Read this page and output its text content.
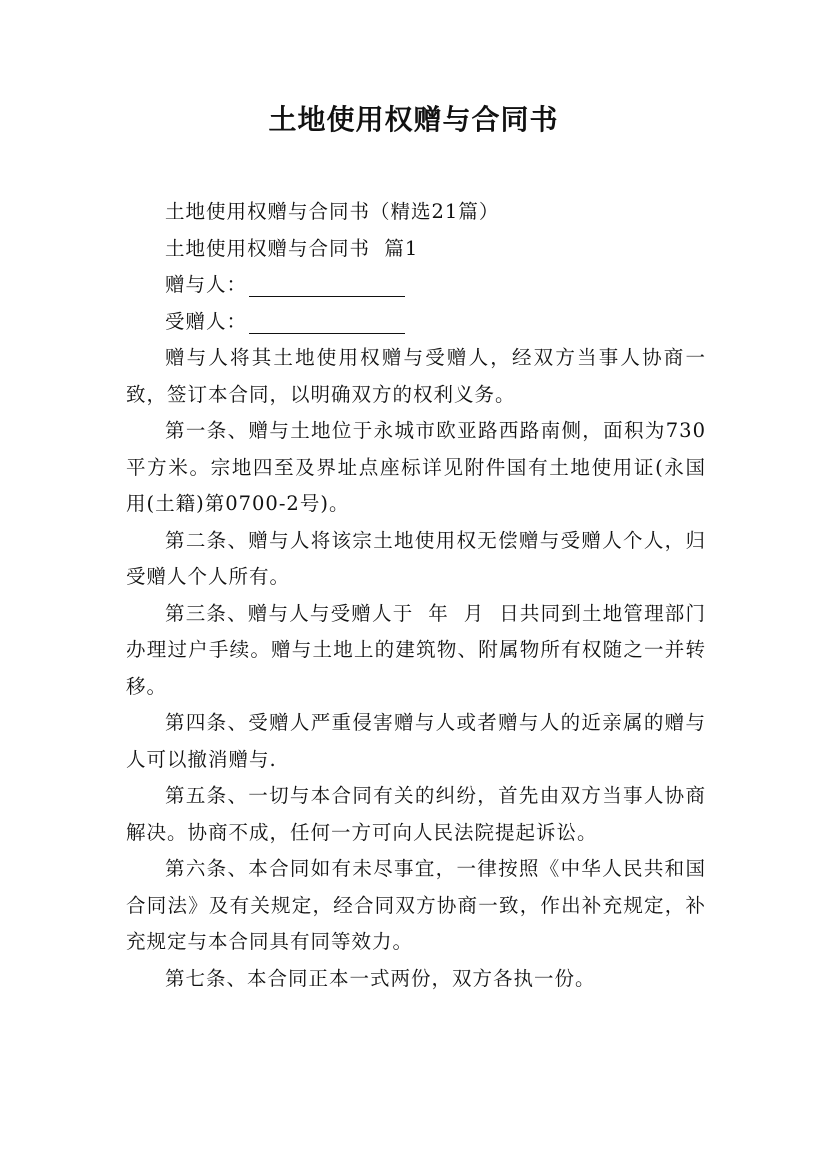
土地使用权赠与合同书

土地使用权赠与合同书（精选21篇）

土地使用权赠与合同书  篇1

赠与人：

受赠人：

赠与人将其土地使用权赠与受赠人，经双方当事人协商一致，签订本合同，以明确双方的权利义务。

第一条、赠与土地位于永城市欧亚路西路南侧，面积为730平方米。宗地四至及界址点座标详见附件国有土地使用证(永国用(土籍)第0700-2号)。

第二条、赠与人将该宗土地使用权无偿赠与受赠人个人，归受赠人个人所有。

第三条、赠与人与受赠人于  年  月  日共同到土地管理部门办理过户手续。赠与土地上的建筑物、附属物所有权随之一并转移。

第四条、受赠人严重侵害赠与人或者赠与人的近亲属的赠与人可以撤消赠与.

第五条、一切与本合同有关的纠纷，首先由双方当事人协商解决。协商不成，任何一方可向人民法院提起诉讼。

第六条、本合同如有未尽事宜，一律按照《中华人民共和国合同法》及有关规定，经合同双方协商一致，作出补充规定，补充规定与本合同具有同等效力。

第七条、本合同正本一式两份，双方各执一份。
